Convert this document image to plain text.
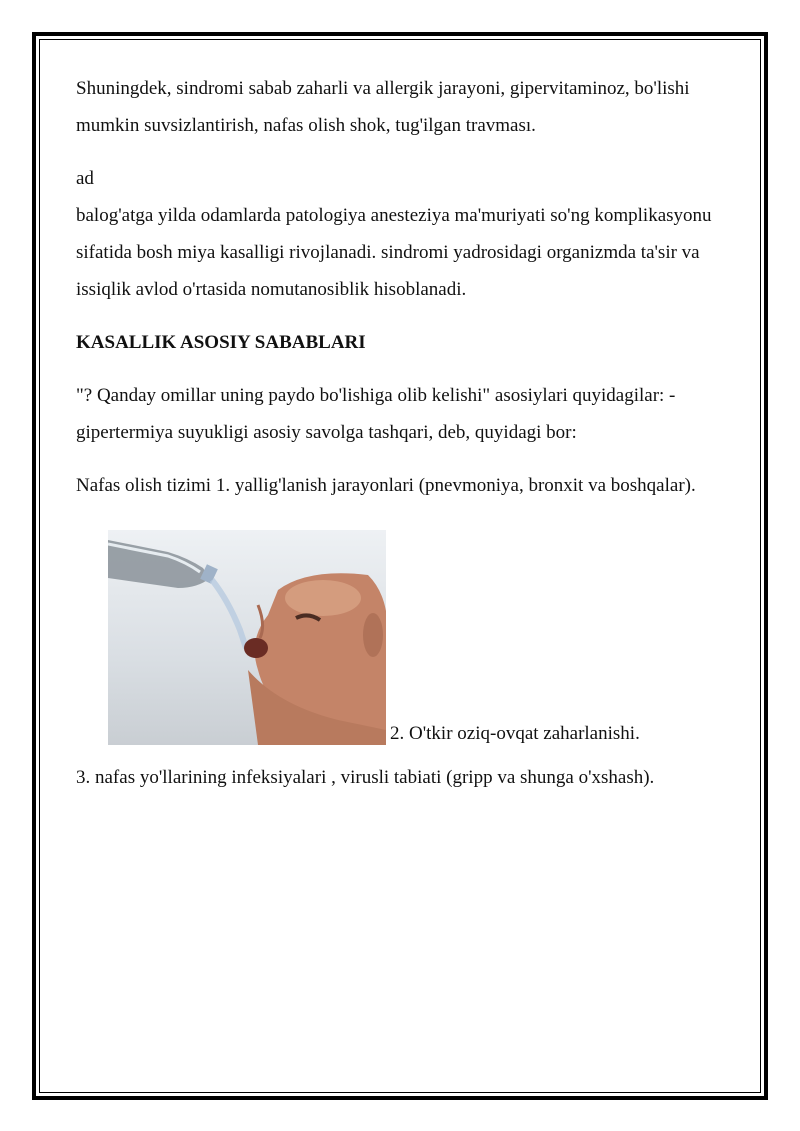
Shuningdek, sindromi sabab zaharli va allergik jarayoni, gipervitaminoz, bo'lishi mumkin suvsizlantirish, nafas olish shok, tug'ilgan travması.

ad

balog'atga yilda odamlarda patologiya anesteziya ma'muriyati so'ng komplikasyonu sifatida bosh miya kasalligi rivojlanadi. sindromi yadrosidagi organizmda ta'sir va issiqlik avlod o'rtasida nomutanosiblik hisoblanadi.

KASALLIK ASOSIY SABABLARI

"? Qanday omillar uning paydo bo'lishiga olib kelishi" asosiylari quyidagilar: - gipertermiya suyukligi asosiy savolga tashqari, deb, quyidagi bor:

Nafas olish tizimi 1. yallig'lanish jarayonlari (pnevmoniya, bronxit va boshqalar).

2. O'tkir oziq-ovqat zaharlanishi.

3. nafas yo'llarining infeksiyalari , virusli tabiati (gripp va shunga o'xshash).
